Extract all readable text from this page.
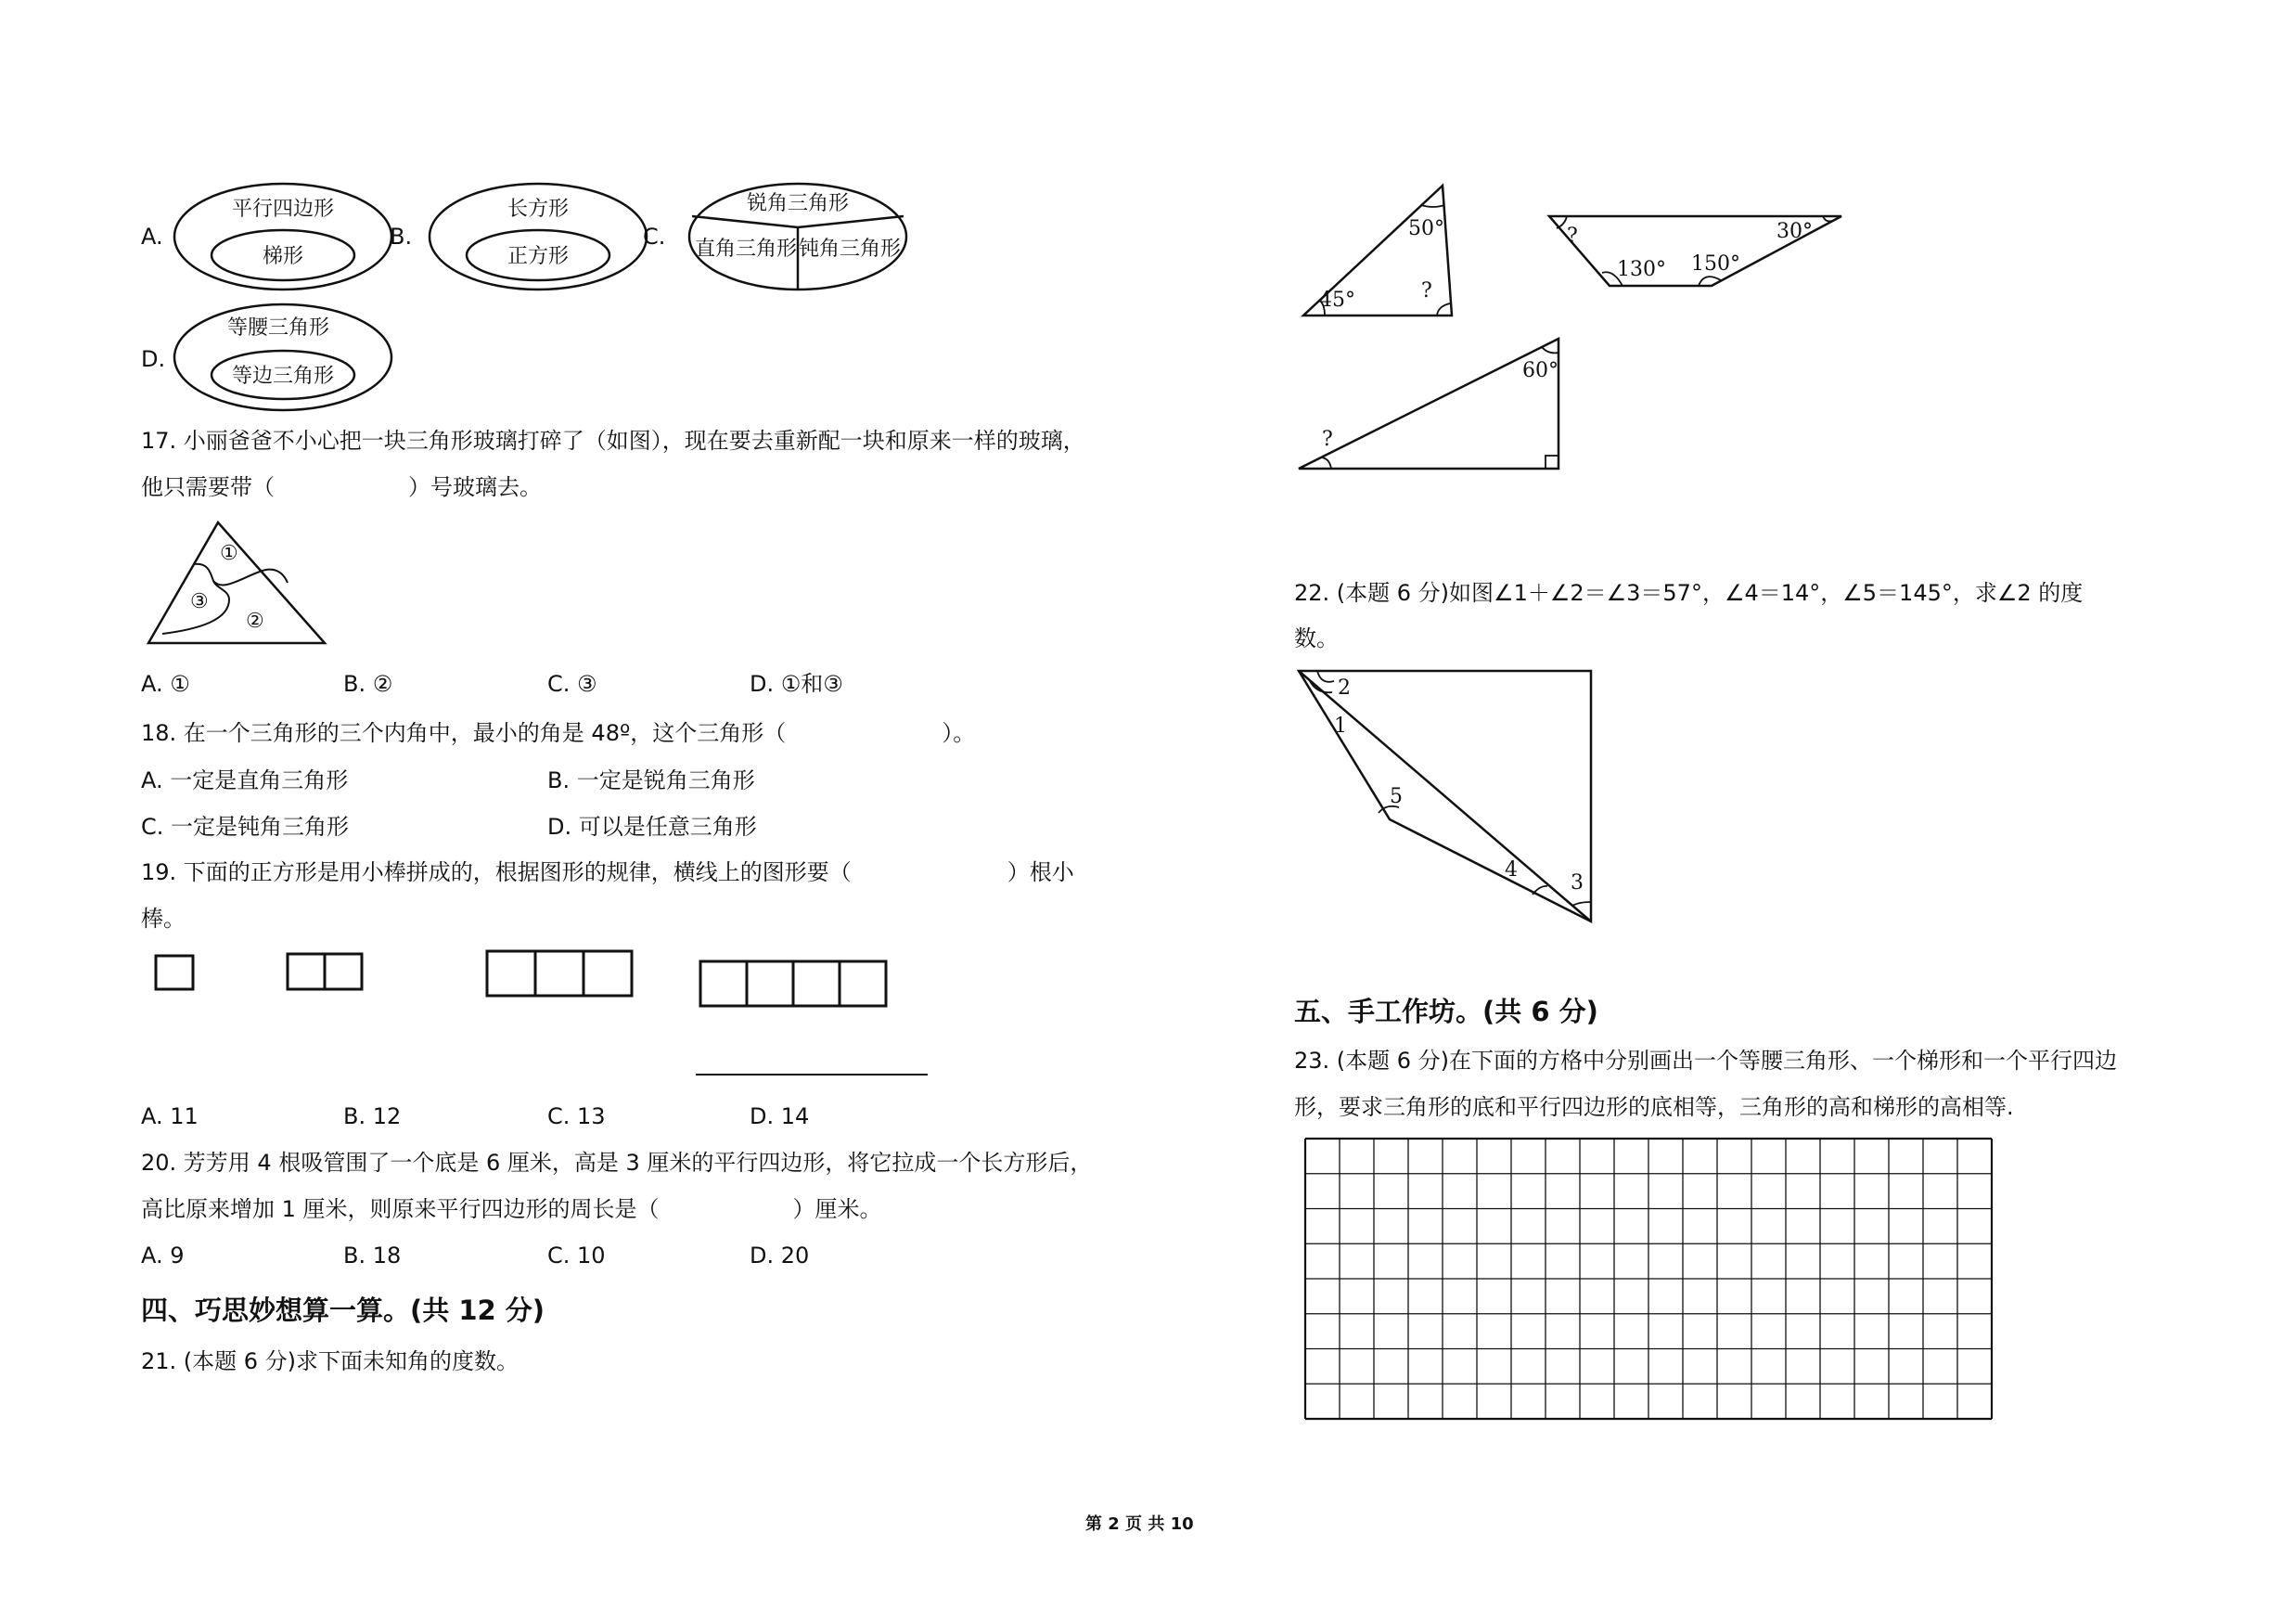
A.
平行四边形
梯形
B.
长方形
正方形
C.
锐角三角形
直角三角形 钝角三角形
D.
等腰三角形
等边三角形
17. 小丽爸爸不小心把一块三角形玻璃打碎了（如图），现在要去重新配一块和原来一样的玻璃，
他只需要带（　　　　　　）号玻璃去。
①
③
②
A. ①	B. ②	C. ③	D. ①和③
18. 在一个三角形的三个内角中，最小的角是 48º，这个三角形（　　　　　　　）。
A. 一定是直角三角形	B. 一定是锐角三角形
C. 一定是钝角三角形	D. 可以是任意三角形
19. 下面的正方形是用小棒拼成的，根据图形的规律，横线上的图形要（　　　　　　　）根小
棒。
A. 11	B. 12	C. 13	D. 14
20. 芳芳用 4 根吸管围了一个底是 6 厘米，高是 3 厘米的平行四边形，将它拉成一个长方形后，
高比原来增加 1 厘米，则原来平行四边形的周长是（　　　　　　）厘米。
A. 9	B. 18	C. 10	D. 20
四、巧思妙想算一算。(共 12 分)
21. (本题 6 分)求下面未知角的度数。
50°
45°	?
?
130° 150°
30°
60°
?
22. (本题 6 分)如图∠1＋∠2＝∠3＝57°，∠4＝14°，∠5＝145°，求∠2 的度
数。
1
2
3
4
5
五、手工作坊。(共 6 分)
23. (本题 6 分)在下面的方格中分别画出一个等腰三角形、一个梯形和一个平行四边
形，要求三角形的底和平行四边形的底相等，三角形的高和梯形的高相等.
第 2 页 共 10
